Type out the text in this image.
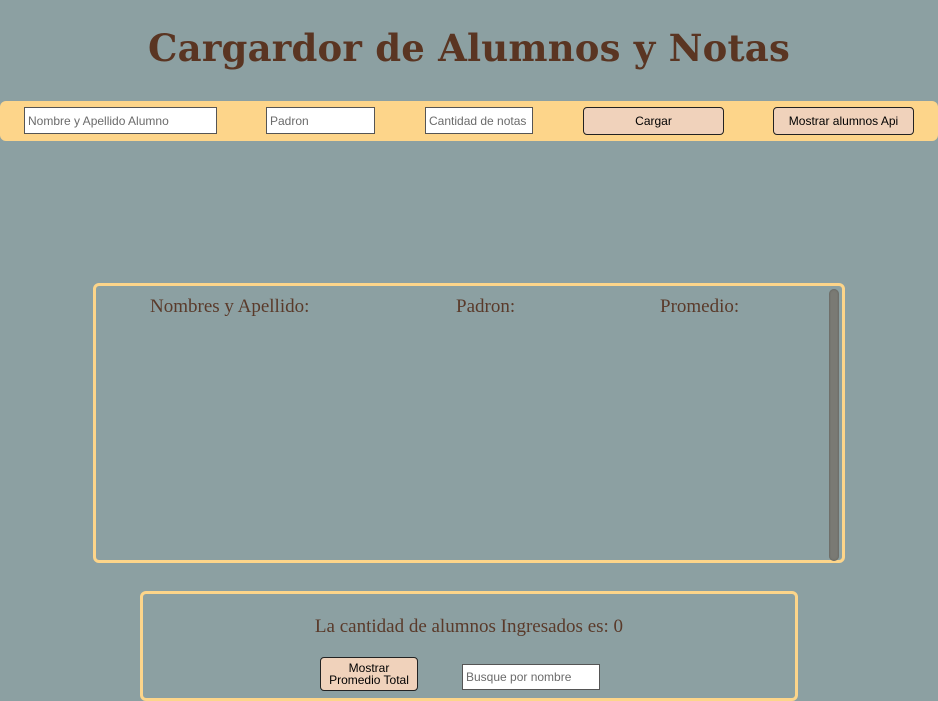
Cargardor de Alumnos y Notas
Nombre y Apellido Alumno
Padron
Cantidad de notas
Cargar	Mostrar alumnos Api
Nombres y Apellido:	Padron:	Promedio:
La cantidad de alumnos Ingresados es: 0
Mostrar Promedio Total
Busque por nombre
